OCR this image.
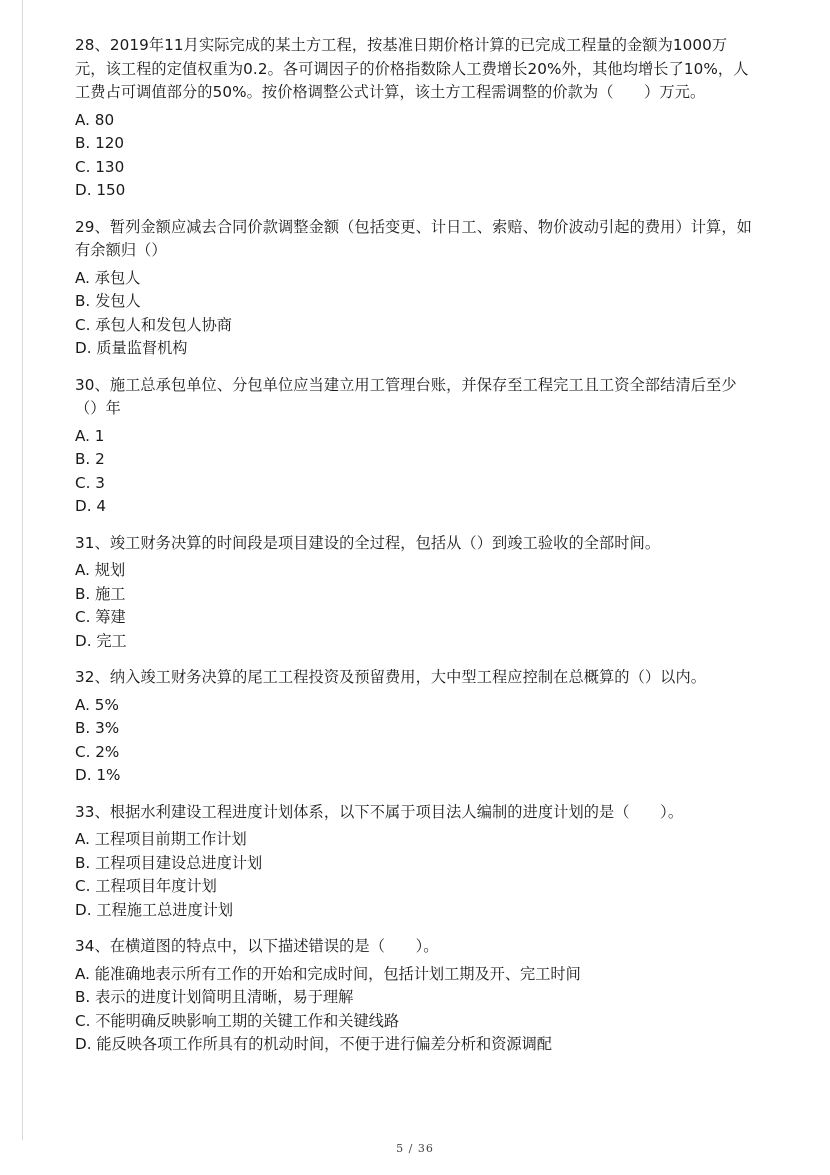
28、2019年11月实际完成的某土方工程，按基准日期价格计算的已完成工程量的金额为1000万元，该工程的定值权重为0.2。各可调因子的价格指数除人工费增长20%外，其他均增长了10%，人工费占可调值部分的50%。按价格调整公式计算，该土方工程需调整的价款为（　　）万元。

A. 80

B. 120

C. 130

D. 150

29、暂列金额应减去合同价款调整金额（包括变更、计日工、索赔、物价波动引起的费用）计算，如有余额归（）

A. 承包人

B. 发包人

C. 承包人和发包人协商

D. 质量监督机构

30、施工总承包单位、分包单位应当建立用工管理台账，并保存至工程完工且工资全部结清后至少（）年

A. 1

B. 2

C. 3

D. 4

31、竣工财务决算的时间段是项目建设的全过程，包括从（）到竣工验收的全部时间。

A. 规划

B. 施工

C. 筹建

D. 完工

32、纳入竣工财务决算的尾工工程投资及预留费用，大中型工程应控制在总概算的（）以内。

A. 5%

B. 3%

C. 2%

D. 1%

33、根据水利建设工程进度计划体系，以下不属于项目法人编制的进度计划的是（　　）。

A. 工程项目前期工作计划

B. 工程项目建设总进度计划

C. 工程项目年度计划

D. 工程施工总进度计划

34、在横道图的特点中，以下描述错误的是（　　）。

A. 能准确地表示所有工作的开始和完成时间，包括计划工期及开、完工时间

B. 表示的进度计划简明且清晰，易于理解

C. 不能明确反映影响工期的关键工作和关键线路

D. 能反映各项工作所具有的机动时间，不便于进行偏差分析和资源调配

5 / 36
